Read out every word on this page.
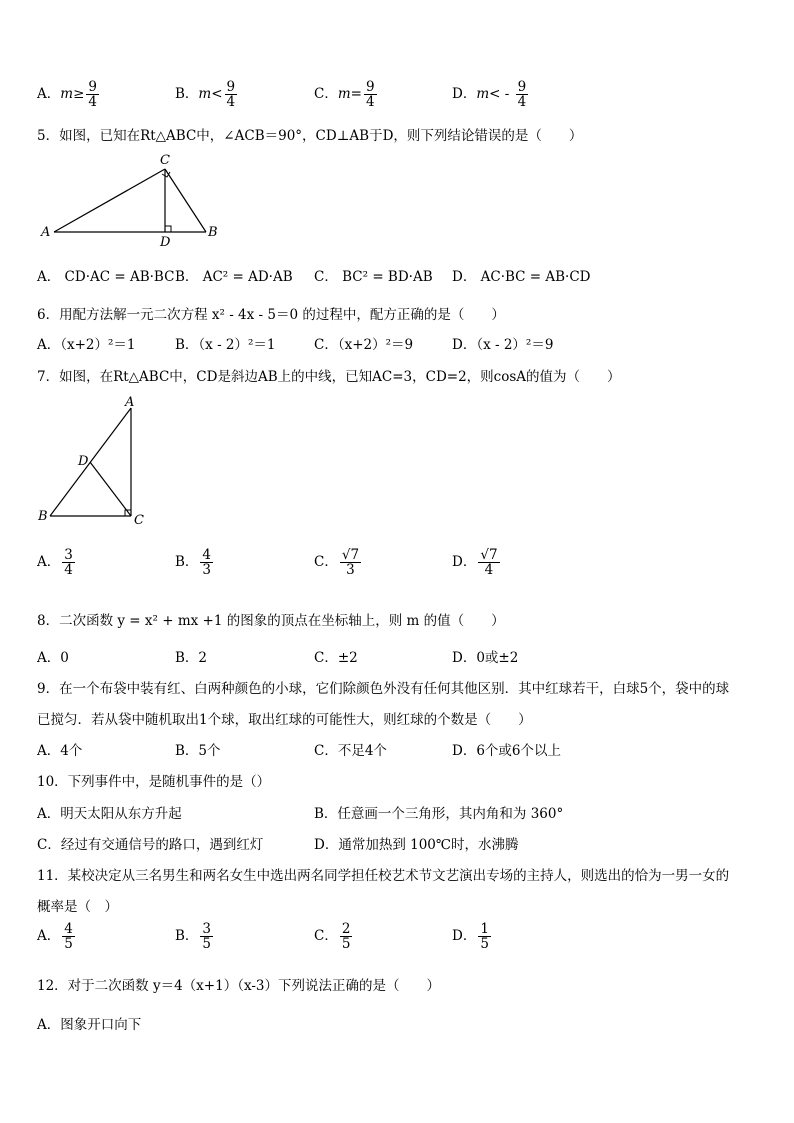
A．$m\ge \frac{9}{4}$	B．$m< \frac{9}{4}$	C．$m= \frac{9}{4}$	D．$m< - \frac{9}{4}$
5．如图，已知在Rt△ABC中，∠ACB＝90°，CD⊥AB于D，则下列结论错误的是（　　）
A	B
C
D
A． CD·AC = AB·BC B． AC² = AD·AB C． BC² = BD·AB D． AC·BC = AB·CD
6．用配方法解一元二次方程 x² - 4x - 5＝0 的过程中，配方正确的是（　　）
A．（x+2）²＝1	B．（x - 2）²＝1	C．（x+2）²＝9	D．（x - 2）²＝9
7．如图，在Rt△ABC中，CD是斜边AB上的中线，已知AC=3，CD=2，则cosA的值为（　　）
A
B	C
D
A． $\frac{3}{4}$	B． $\frac{4}{3}$	C． $\frac{√7}{3}$	D． $\frac{√7}{4}$
8．二次函数 y = x² + mx +1 的图象的顶点在坐标轴上，则 m 的值（　　）
A．0	B．2	C．±2	D．0或±2
9．在一个布袋中装有红、白两种颜色的小球，它们除颜色外没有任何其他区别．其中红球若干，白球5个，袋中的球
已搅匀．若从袋中随机取出1个球，取出红球的可能性大，则红球的个数是（　　）
A．4个	B．5个	C．不足4个	D．6个或6个以上
10．下列事件中，是随机事件的是（）
A．明天太阳从东方升起	B．任意画一个三角形，其内角和为 360°
C．经过有交通信号的路口，遇到红灯	D．通常加热到 100℃时，水沸腾
11．某校决定从三名男生和两名女生中选出两名同学担任校艺术节文艺演出专场的主持人，则选出的恰为一男一女的
概率是（　）
A． $\frac{4}{5}$	B． $\frac{3}{5}$	C． $\frac{2}{5}$	D． $\frac{1}{5}$
12．对于二次函数 y＝4（x+1）（x-3）下列说法正确的是（　　）
A．图象开口向下
